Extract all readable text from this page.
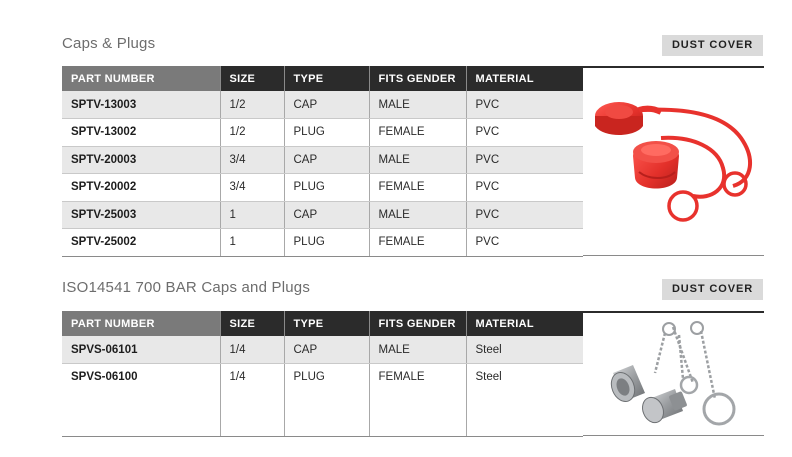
Caps & Plugs	DUST COVER
PART NUMBER	SIZE	TYPE	FITS GENDER	MATERIAL
SPTV-13003	1/2	CAP	MALE	PVC
SPTV-13002	1/2	PLUG	FEMALE	PVC
SPTV-20003	3/4	CAP	MALE	PVC
SPTV-20002	3/4	PLUG	FEMALE	PVC
SPTV-25003	1	CAP	MALE	PVC
SPTV-25002	1	PLUG	FEMALE	PVC
ISO14541 700 BAR Caps and Plugs	DUST COVER
PART NUMBER	SIZE	TYPE	FITS GENDER	MATERIAL
SPVS-06101	1/4	CAP	MALE	Steel
SPVS-06100	1/4	PLUG	FEMALE	Steel
